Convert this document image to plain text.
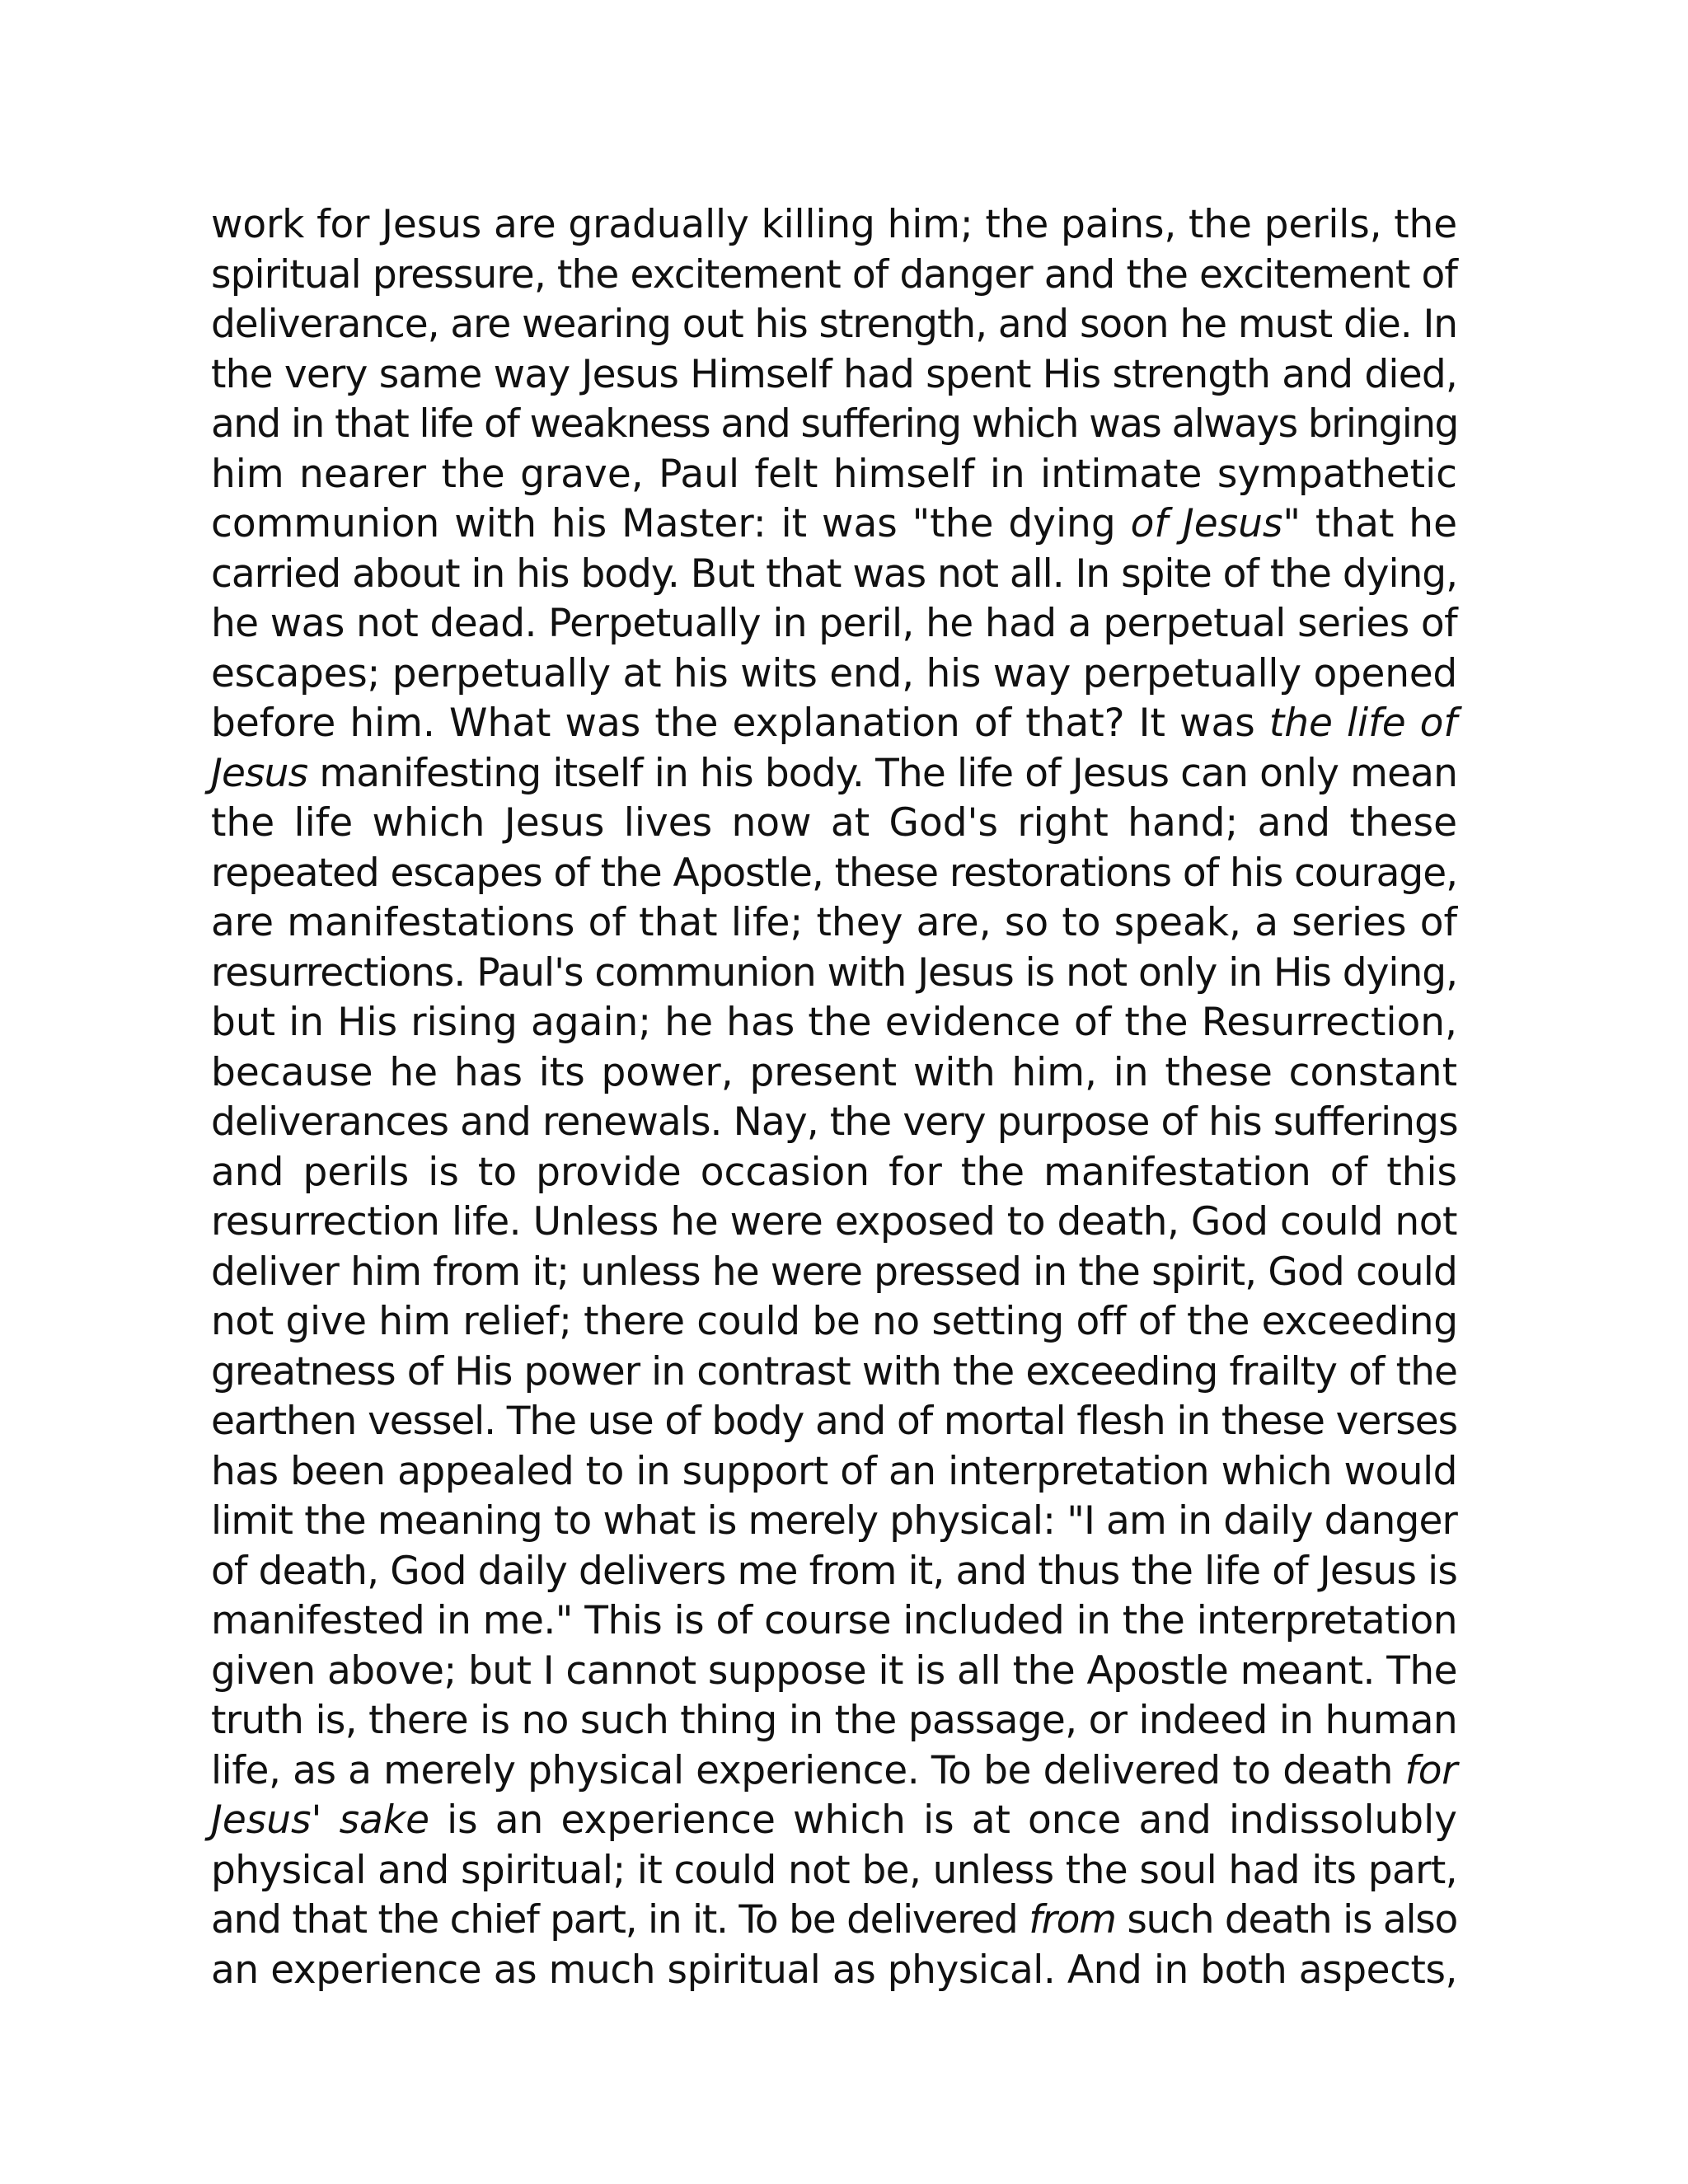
work for Jesus are gradually killing him; the pains, the perils, the
spiritual pressure, the excitement of danger and the excitement of
deliverance, are wearing out his strength, and soon he must die. In
the very same way Jesus Himself had spent His strength and died,
and in that life of weakness and suffering which was always bringing
him nearer the grave, Paul felt himself in intimate sympathetic
communion with his Master: it was "the dying of Jesus" that he
carried about in his body. But that was not all. In spite of the dying,
he was not dead. Perpetually in peril, he had a perpetual series of
escapes; perpetually at his wits end, his way perpetually opened
before him. What was the explanation of that? It was the life of
Jesus manifesting itself in his body. The life of Jesus can only mean
the life which Jesus lives now at God's right hand; and these
repeated escapes of the Apostle, these restorations of his courage,
are manifestations of that life; they are, so to speak, a series of
resurrections. Paul's communion with Jesus is not only in His dying,
but in His rising again; he has the evidence of the Resurrection,
because he has its power, present with him, in these constant
deliverances and renewals. Nay, the very purpose of his sufferings
and perils is to provide occasion for the manifestation of this
resurrection life. Unless he were exposed to death, God could not
deliver him from it; unless he were pressed in the spirit, God could
not give him relief; there could be no setting off of the exceeding
greatness of His power in contrast with the exceeding frailty of the
earthen vessel. The use of body and of mortal flesh in these verses
has been appealed to in support of an interpretation which would
limit the meaning to what is merely physical: "I am in daily danger
of death, God daily delivers me from it, and thus the life of Jesus is
manifested in me." This is of course included in the interpretation
given above; but I cannot suppose it is all the Apostle meant. The
truth is, there is no such thing in the passage, or indeed in human
life, as a merely physical experience. To be delivered to death for
Jesus' sake is an experience which is at once and indissolubly
physical and spiritual; it could not be, unless the soul had its part,
and that the chief part, in it. To be delivered from such death is also
an experience as much spiritual as physical. And in both aspects,
